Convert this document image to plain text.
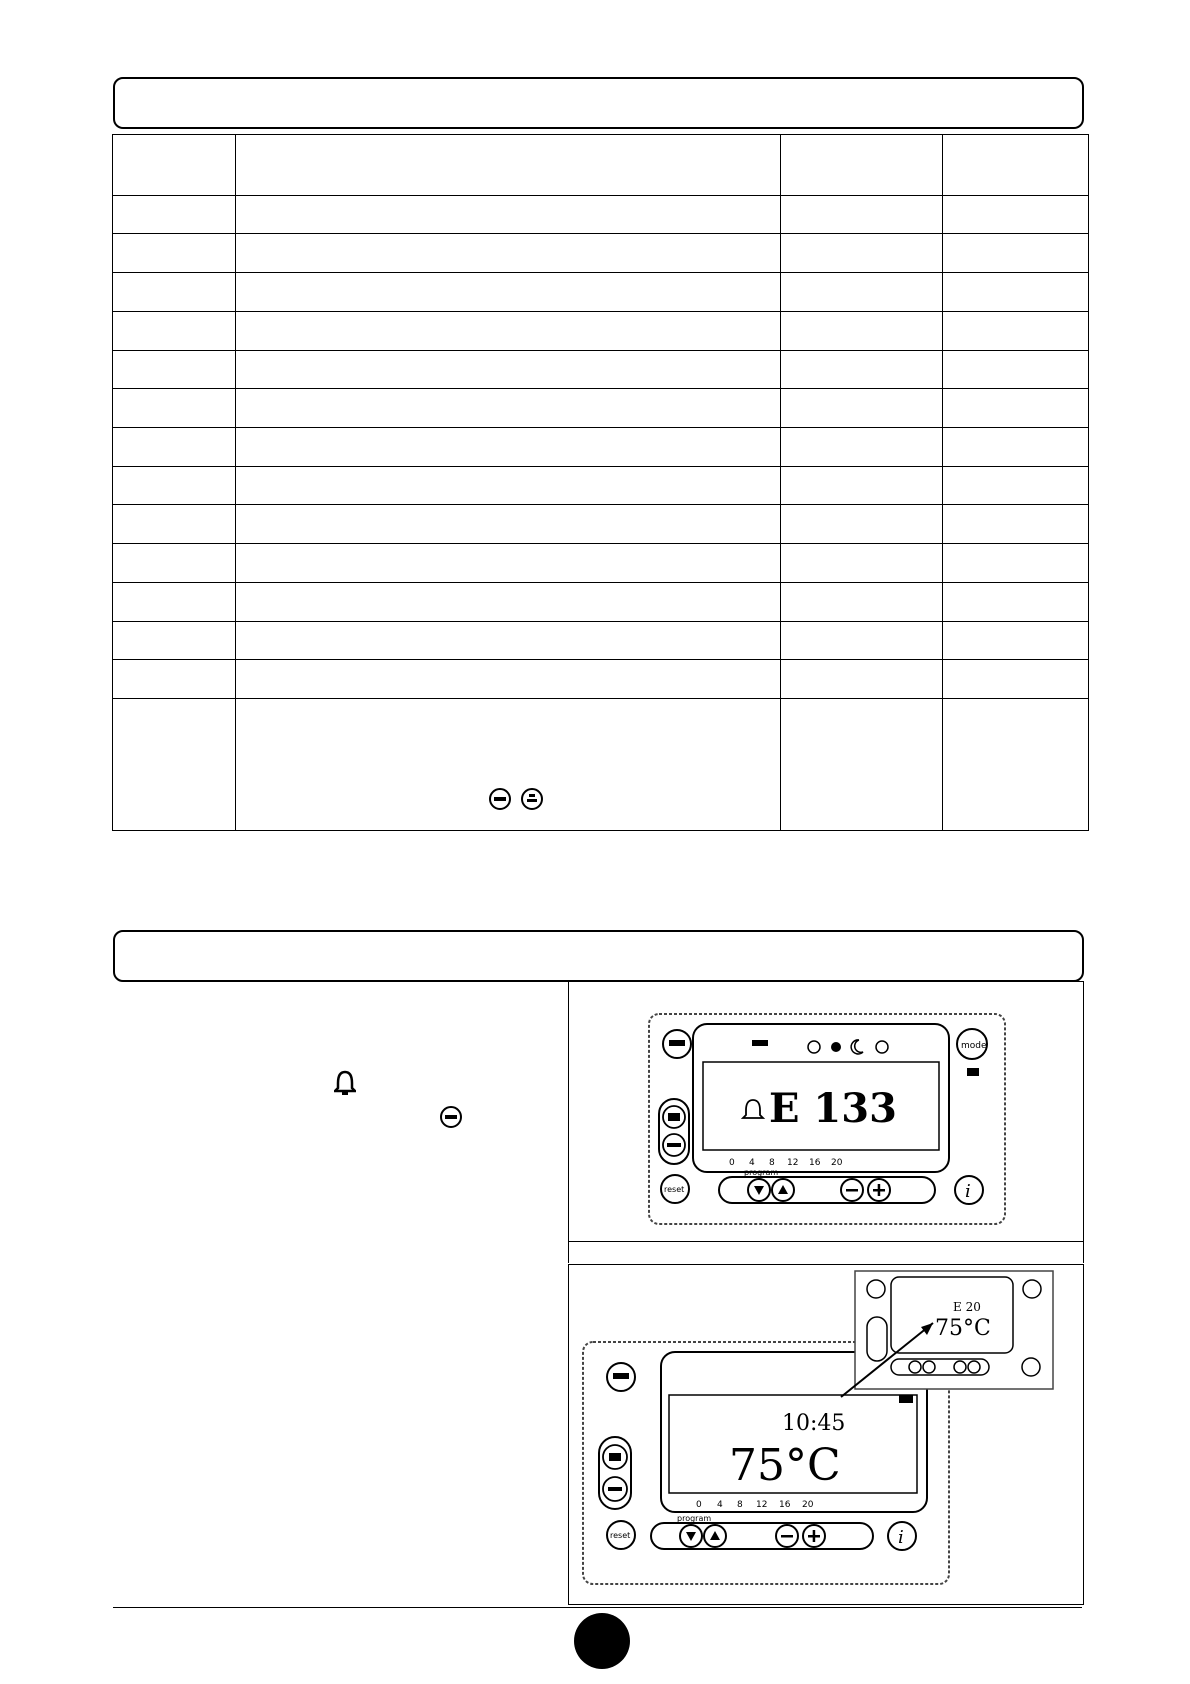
E 133
0 4 8 12 16 20
mode
reset
program
i
10:45
75°C
0 4 8 12 16 20
reset
program
i
E 20
75°C
